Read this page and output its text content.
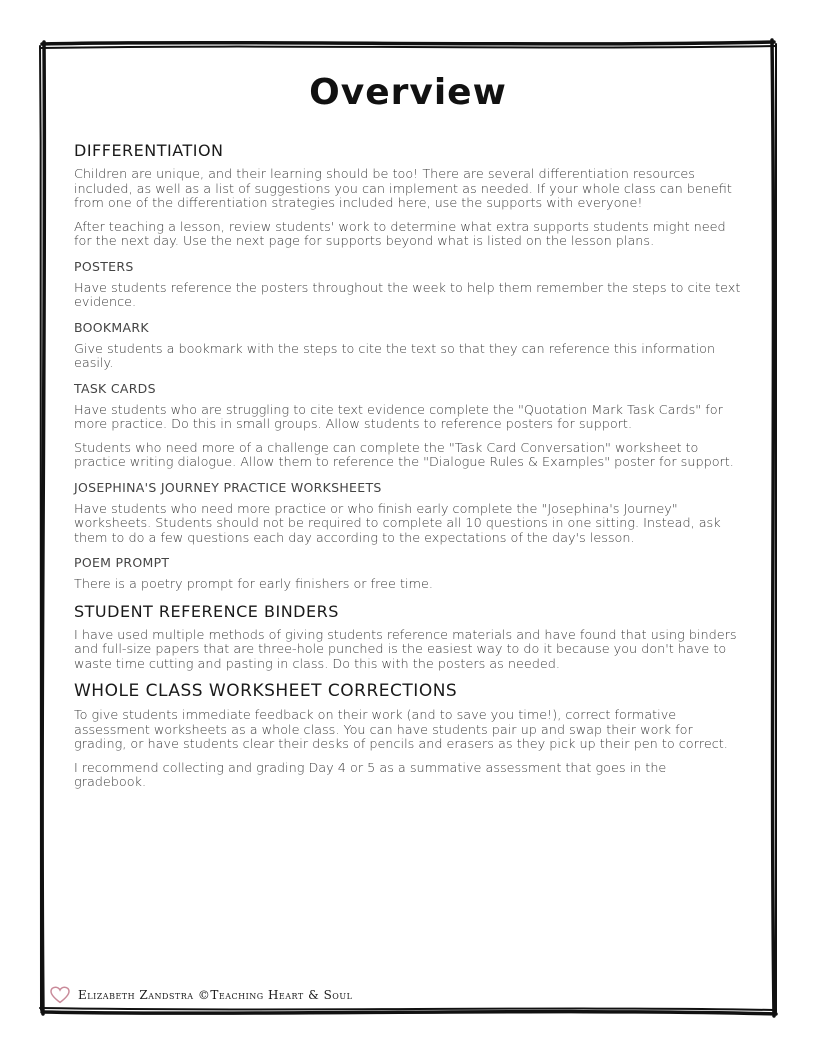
Overview
DIFFERENTIATION

Children are unique, and their learning should be too! There are several differentiation resources included, as well as a list of suggestions you can implement as needed. If your whole class can benefit from one of the differentiation strategies included here, use the supports with everyone!

After teaching a lesson, review students' work to determine what extra supports students might need for the next day. Use the next page for supports beyond what is listed on the lesson plans.

POSTERS

Have students reference the posters throughout the week to help them remember the steps to cite text evidence.

BOOKMARK

Give students a bookmark with the steps to cite the text so that they can reference this information easily.

TASK CARDS

Have students who are struggling to cite text evidence complete the "Quotation Mark Task Cards" for more practice. Do this in small groups. Allow students to reference posters for support.

Students who need more of a challenge can complete the "Task Card Conversation" worksheet to practice writing dialogue. Allow them to reference the "Dialogue Rules & Examples" poster for support.

JOSEPHINA'S JOURNEY PRACTICE WORKSHEETS

Have students who need more practice or who finish early complete the "Josephina's Journey" worksheets. Students should not be required to complete all 10 questions in one sitting. Instead, ask them to do a few questions each day according to the expectations of the day's lesson.

POEM PROMPT

There is a poetry prompt for early finishers or free time.

STUDENT REFERENCE BINDERS

I have used multiple methods of giving students reference materials and have found that using binders and full-size papers that are three-hole punched is the easiest way to do it because you don't have to waste time cutting and pasting in class. Do this with the posters as needed.

WHOLE CLASS WORKSHEET CORRECTIONS

To give students immediate feedback on their work (and to save you time!), correct formative assessment worksheets as a whole class. You can have students pair up and swap their work for grading, or have students clear their desks of pencils and erasers as they pick up their pen to correct.

I recommend collecting and grading Day 4 or 5 as a summative assessment that goes in the gradebook.

Elizabeth Zandstra ©Teaching Heart & Soul
